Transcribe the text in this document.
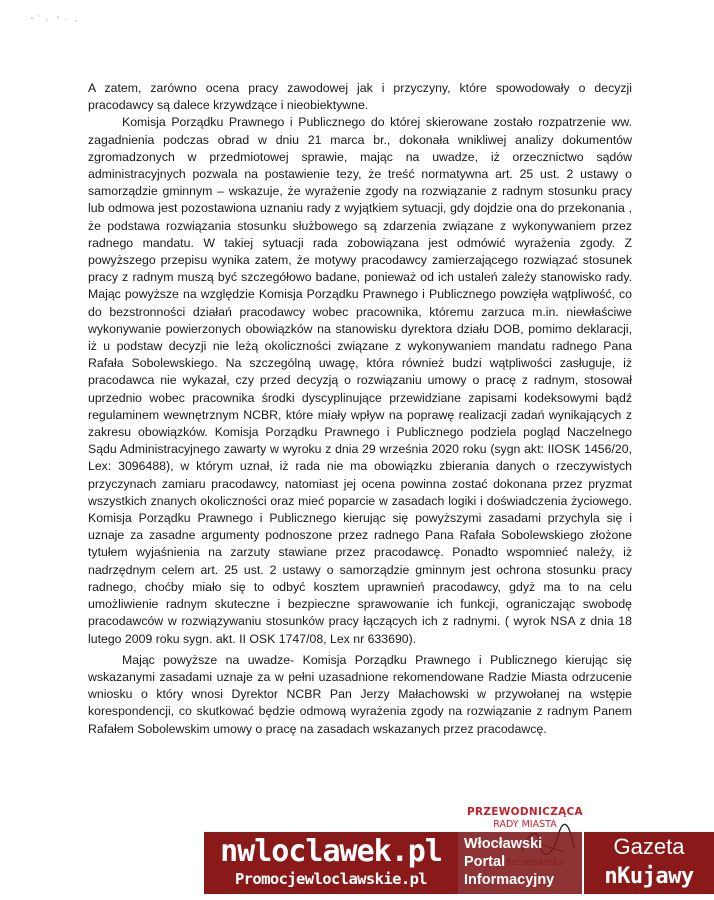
A zatem, zarówno ocena pracy zawodowej jak i przyczyny, które spowodowały o decyzji pracodawcy są dalece krzywdzące i nieobiektywne.

Komisja Porządku Prawnego i Publicznego do której skierowane zostało rozpatrzenie ww. zagadnienia podczas obrad w dniu 21 marca br., dokonała wnikliwej analizy dokumentów zgromadzonych w przedmiotowej sprawie, mając na uwadze, iż orzecznictwo sądów administracyjnych pozwala na postawienie tezy, że treść normatywna art. 25 ust. 2 ustawy o samorządzie gminnym – wskazuje, że wyrażenie zgody na rozwiązanie z radnym stosunku pracy lub odmowa jest pozostawiona uznaniu rady z wyjątkiem sytuacji, gdy dojdzie ona do przekonania , że podstawa rozwiązania stosunku służbowego są zdarzenia związane z wykonywaniem przez radnego mandatu. W takiej sytuacji rada zobowiązana jest odmówić wyrażenia zgody. Z powyższego przepisu wynika zatem, że motywy pracodawcy zamierzającego rozwiązać stosunek pracy z radnym muszą być szczegółowo badane, ponieważ od ich ustaleń zależy stanowisko rady. Mając powyższe na względzie Komisja Porządku Prawnego i Publicznego powzięła wątpliwość, co do bezstronności działań pracodawcy wobec pracownika, któremu zarzuca m.in. niewłaściwe wykonywanie powierzonych obowiązków na stanowisku dyrektora działu DOB, pomimo deklaracji, iż u podstaw decyzji nie leżą okoliczności związane z wykonywaniem mandatu radnego Pana Rafała Sobolewskiego. Na szczególną uwagę, która również budzi wątpliwości zasługuje, iż pracodawca nie wykazał, czy przed decyzją o rozwiązaniu umowy o pracę z radnym, stosował uprzednio wobec pracownika środki dyscyplinujące przewidziane zapisami kodeksowymi bądź regulaminem wewnętrznym NCBR, które miały wpływ na poprawę realizacji zadań wynikających z zakresu obowiązków. Komisja Porządku Prawnego i Publicznego podziela pogląd Naczelnego Sądu Administracyjnego zawarty w wyroku z dnia 29 września 2020 roku (sygn akt: IIOSK 1456/20, Lex: 3096488), w którym uznał, iż rada nie ma obowiązku zbierania danych o rzeczywistych przyczynach zamiaru pracodawcy, natomiast jej ocena powinna zostać dokonana przez pryzmat wszystkich znanych okoliczności oraz mieć poparcie w zasadach logiki i doświadczenia życiowego. Komisja Porządku Prawnego i Publicznego kierując się powyższymi zasadami przychyla się i uznaje za zasadne argumenty podnoszone przez radnego Pana Rafała Sobolewskiego złożone tytułem wyjaśnienia na zarzuty stawiane przez pracodawcę. Ponadto wspomnieć należy, iż nadrzędnym celem art. 25 ust. 2 ustawy o samorządzie gminnym jest ochrona stosunku pracy radnego, choćby miało się to odbyć kosztem uprawnień pracodawcy, gdyż ma to na celu umożliwienie radnym skuteczne i bezpieczne sprawowanie ich funkcji, ograniczając swobodę pracodawców w rozwiązywaniu stosunków pracy łączących ich z radnymi. ( wyrok NSA z dnia 18 lutego 2009 roku sygn. akt. II OSK 1747/08, Lex nr 633690).

Mając powyższe na uwadze- Komisja Porządku Prawnego i Publicznego kierując się wskazanymi zasadami uznaje za w pełni uzasadnione rekomendowane Radzie Miasta odrzucenie wniosku o który wnosi Dyrektor NCBR Pan Jerzy Małachowski w przywołanej na wstępie korespondencji, co skutkować będzie odmową wyrażenia zgody na rozwiązanie z radnym Panem Rafałem Sobolewskim umowy o pracę na zasadach wskazanych przez pracodawcę.

PRZEWODNICZĄCA
RADY MIASTA
nwloclawek.pl
Promocjewloclawskie.pl
Włocławski
Portal
Informacyjny
Gazeta
nKujawy
